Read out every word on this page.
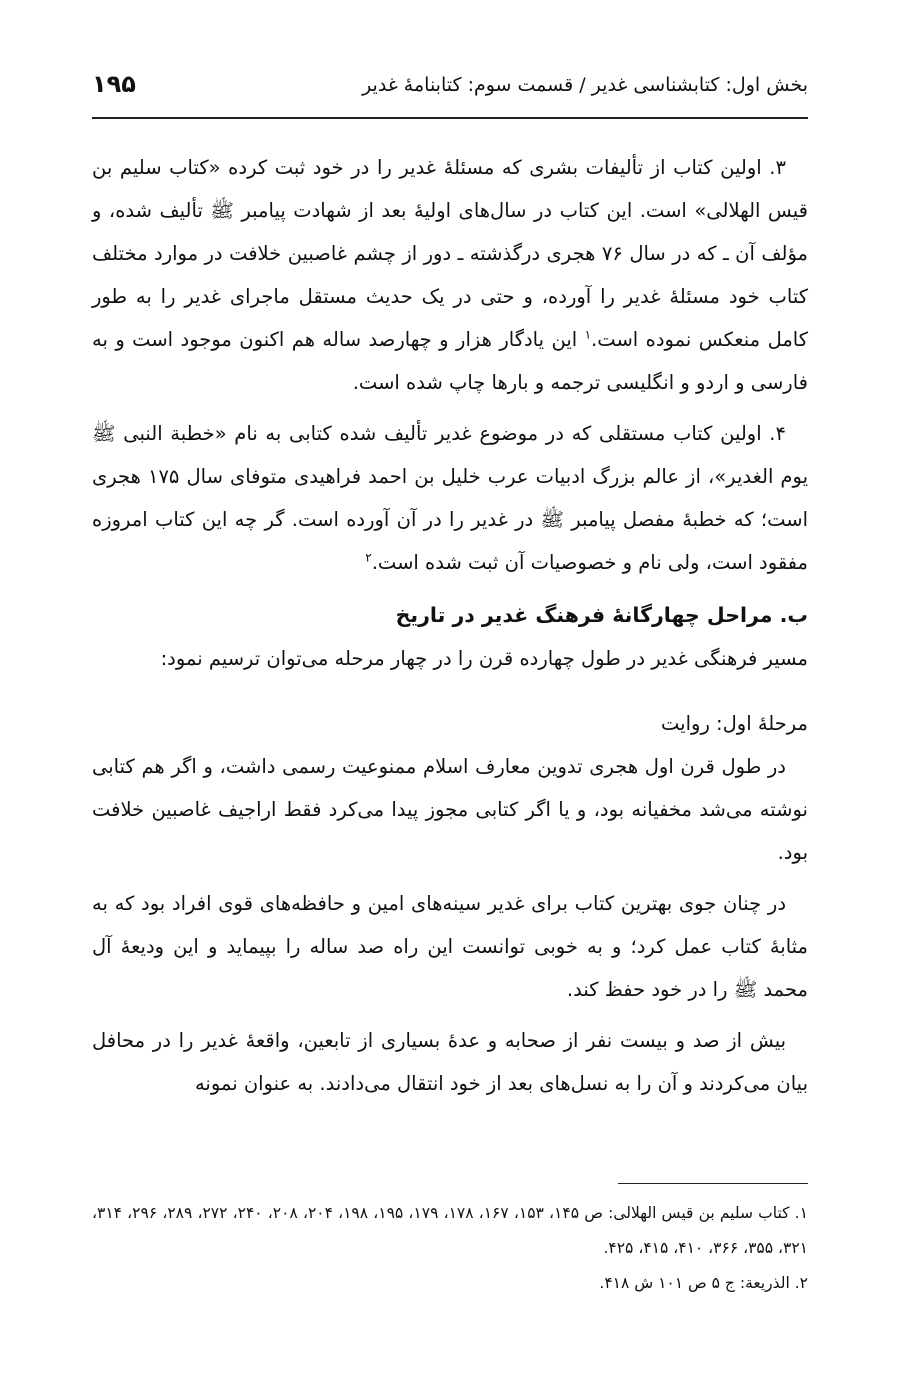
بخش اول: کتابشناسی غدیر / قسمت سوم: کتابنامۀ غدیر
۱۹۵

۳. اولین کتاب از تألیفات بشری که مسئلۀ غدیر را در خود ثبت کرده «کتاب سلیم بن قیس الهلالی» است. این کتاب در سال‌های اولیۀ بعد از شهادت پیامبر ﷺ تألیف شده، و مؤلف آن ـ که در سال ۷۶ هجری درگذشته ـ دور از چشم غاصبین خلافت در موارد مختلف کتاب خود مسئلۀ غدیر را آورده، و حتی در یک حدیث مستقل ماجرای غدیر را به طور کامل منعکس نموده است.$^۱$ این یادگار هزار و چهارصد ساله هم اکنون موجود است و به فارسی و اردو و انگلیسی ترجمه و بارها چاپ شده است.

۴. اولین کتاب مستقلی که در موضوع غدیر تألیف شده کتابی به نام «خطبة النبی ﷺ یوم الغدیر»، از عالم بزرگ ادبیات عرب خلیل بن احمد فراهیدی متوفای سال ۱۷۵ هجری است؛ که خطبۀ مفصل پیامبر ﷺ در غدیر را در آن آورده است. گر چه این کتاب امروزه مفقود است، ولی نام و خصوصیات آن ثبت شده است.$^۲$

ب. مراحل چهارگانۀ فرهنگ غدیر در تاریخ

مسیر فرهنگی غدیر در طول چهارده قرن را در چهار مرحله می‌توان ترسیم نمود:

مرحلۀ اول: روایت

در طول قرن اول هجری تدوین معارف اسلام ممنوعیت رسمی داشت، و اگر هم کتابی نوشته می‌شد مخفیانه بود، و یا اگر کتابی مجوز پیدا می‌کرد فقط اراجیف غاصبین خلافت بود.

در چنان جوی بهترین کتاب برای غدیر سینه‌های امین و حافظه‌های قوی افراد بود که به مثابۀ کتاب عمل کرد؛ و به خوبی توانست این راه صد ساله را بپیماید و این ودیعۀ آل محمد ﷺ را در خود حفظ کند.

بیش از صد و بیست نفر از صحابه و عدۀ بسیاری از تابعین، واقعۀ غدیر را در محافل بیان می‌کردند و آن را به نسل‌های بعد از خود انتقال می‌دادند. به عنوان نمونه

۱. کتاب سلیم بن قیس الهلالی: ص ۱۴۵، ۱۵۳، ۱۶۷، ۱۷۸، ۱۷۹، ۱۹۵، ۱۹۸، ۲۰۴، ۲۰۸، ۲۴۰، ۲۷۲، ۲۸۹، ۲۹۶، ۳۱۴، ۳۲۱، ۳۵۵، ۳۶۶، ۴۱۰، ۴۱۵، ۴۲۵.

۲. الذریعة: ج ۵ ص ۱۰۱ ش ۴۱۸.
